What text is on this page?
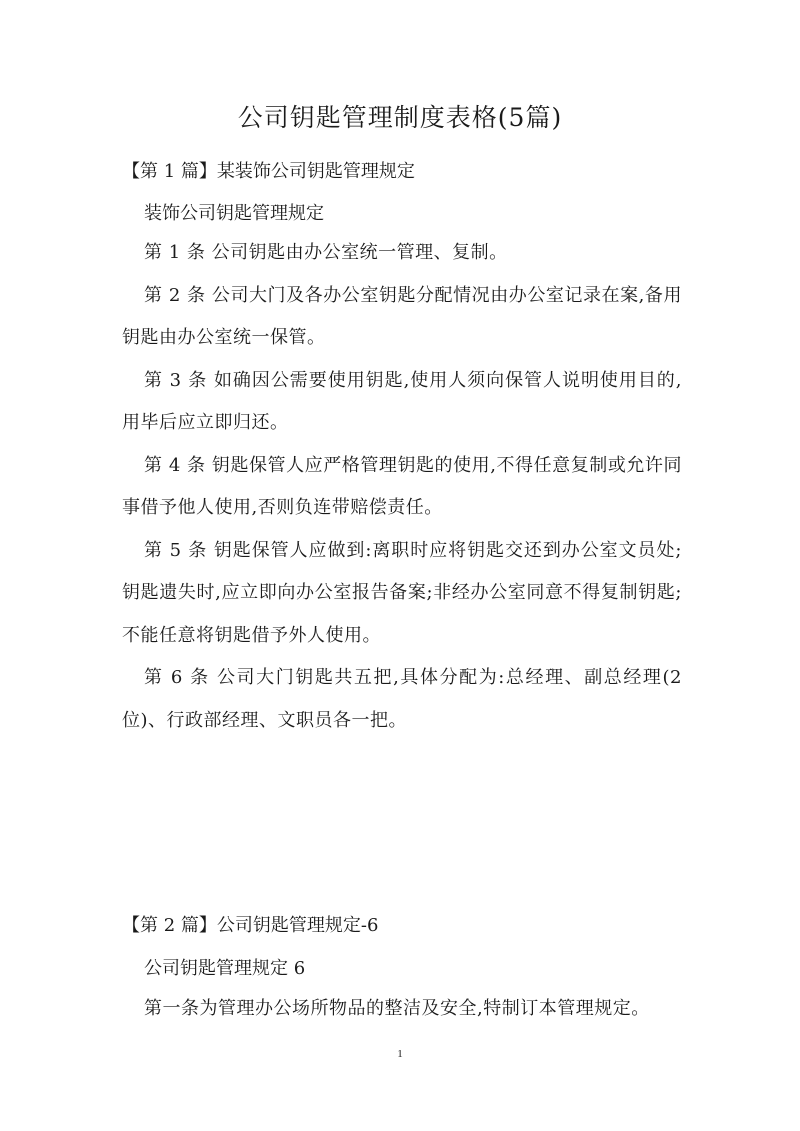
公司钥匙管理制度表格(5篇)
【第 1 篇】某装饰公司钥匙管理规定
装饰公司钥匙管理规定

第 1 条 公司钥匙由办公室统一管理、复制。

第 2 条 公司大门及各办公室钥匙分配情况由办公室记录在案,备用钥匙由办公室统一保管。

第 3 条 如确因公需要使用钥匙,使用人须向保管人说明使用目的,用毕后应立即归还。

第 4 条 钥匙保管人应严格管理钥匙的使用,不得任意复制或允许同事借予他人使用,否则负连带赔偿责任。

第 5 条 钥匙保管人应做到:离职时应将钥匙交还到办公室文员处;钥匙遗失时,应立即向办公室报告备案;非经办公室同意不得复制钥匙;不能任意将钥匙借予外人使用。

第 6 条 公司大门钥匙共五把,具体分配为:总经理、副总经理(2位)、行政部经理、文职员各一把。

【第 2 篇】公司钥匙管理规定-6
公司钥匙管理规定 6

第一条为管理办公场所物品的整洁及安全,特制订本管理规定。

1
